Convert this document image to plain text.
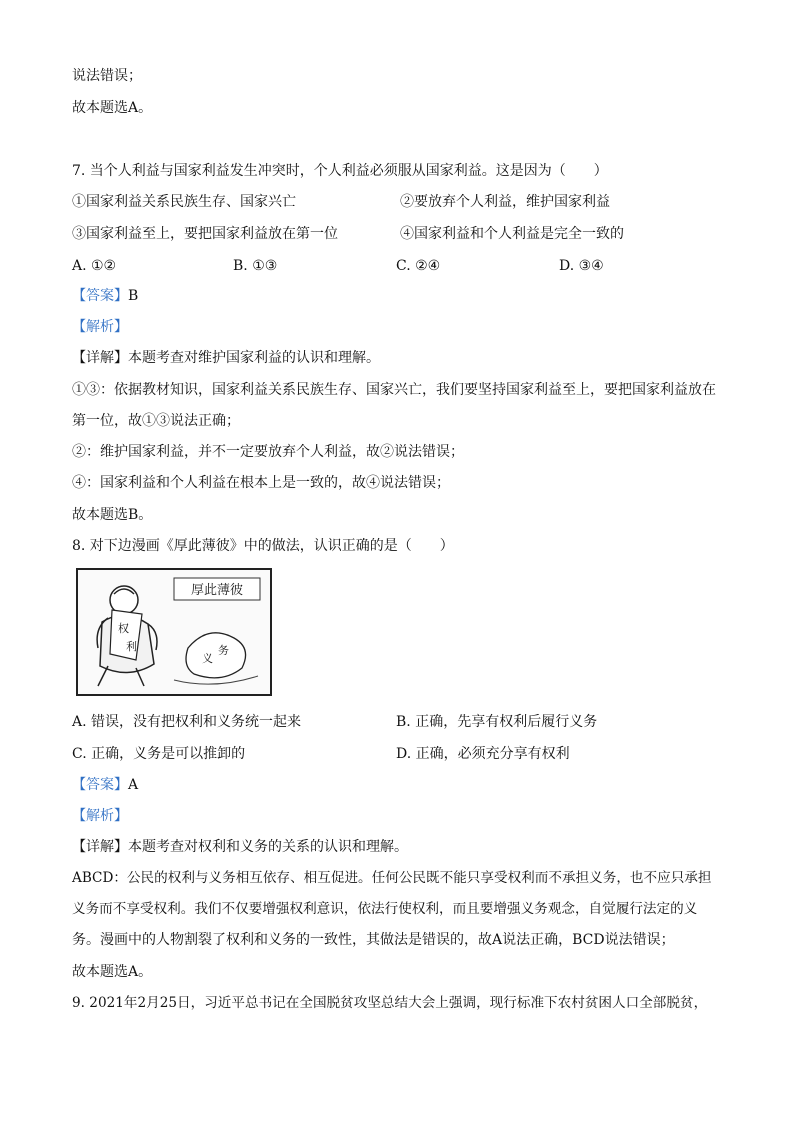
说法错误；
故本题选A。
7. 当个人利益与国家利益发生冲突时，个人利益必须服从国家利益。这是因为（　　）
①国家利益关系民族生存、国家兴亡	②要放弃个人利益，维护国家利益
③国家利益至上，要把国家利益放在第一位	④国家利益和个人利益是完全一致的
A. ①②	B. ①③	C. ②④	D. ③④
【答案】B
【解析】
【详解】本题考查对维护国家利益的认识和理解。
①③：依据教材知识，国家利益关系民族生存、国家兴亡，我们要坚持国家利益至上，要把国家利益放在
第一位，故①③说法正确；
②：维护国家利益，并不一定要放弃个人利益，故②说法错误；
④：国家利益和个人利益在根本上是一致的，故④说法错误；
故本题选B。
8. 对下边漫画《厚此薄彼》中的做法，认识正确的是（　　）
厚此薄彼
权
利
义
务
A. 错误，没有把权利和义务统一起来	B. 正确，先享有权利后履行义务
C. 正确，义务是可以推卸的	D. 正确，必须充分享有权利
【答案】A
【解析】
【详解】本题考查对权利和义务的关系的认识和理解。
ABCD：公民的权利与义务相互依存、相互促进。任何公民既不能只享受权利而不承担义务，也不应只承担
义务而不享受权利。我们不仅要增强权利意识，依法行使权利，而且要增强义务观念，自觉履行法定的义
务。漫画中的人物割裂了权利和义务的一致性，其做法是错误的，故A说法正确，BCD说法错误；
故本题选A。
9. 2021年2月25日，习近平总书记在全国脱贫攻坚总结大会上强调，现行标准下农村贫困人口全部脱贫，
